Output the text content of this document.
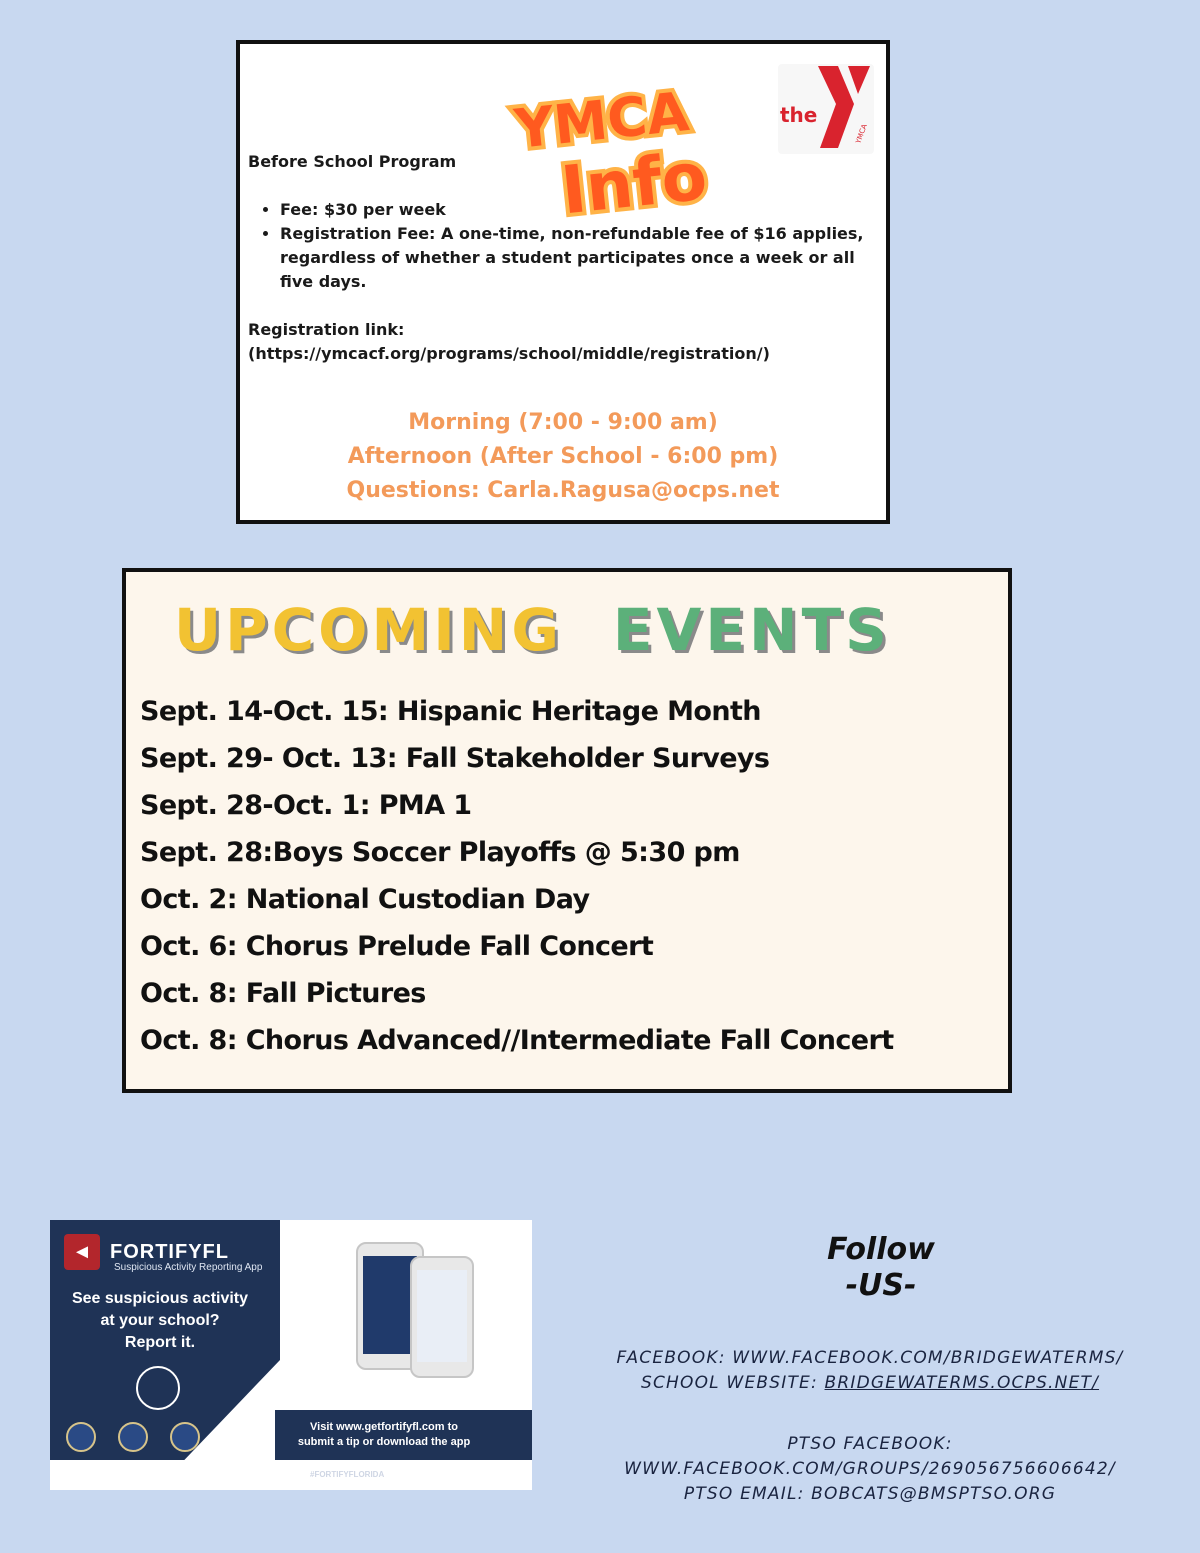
YMCA
Info
the
YMCA
Before School Program
• Fee: $30 per week
• Registration Fee: A one-time, non-refundable fee of $16 applies, regardless of whether a student participates once a week or all five days.
Registration link:
(https://ymcacf.org/programs/school/middle/registration/)
Morning (7:00 - 9:00 am)
Afternoon (After School - 6:00 pm)
Questions: Carla.Ragusa@ocps.net
UPCOMING EVENTS
Sept. 14-Oct. 15: Hispanic Heritage Month
Sept. 29- Oct. 13: Fall Stakeholder Surveys
Sept. 28-Oct. 1: PMA 1
Sept. 28:Boys Soccer Playoffs @ 5:30 pm
Oct. 2: National Custodian Day
Oct. 6: Chorus Prelude Fall Concert
Oct. 8: Fall Pictures
Oct. 8: Chorus Advanced//Intermediate Fall Concert
◄ FORTIFYFL
Suspicious Activity Reporting App
See suspicious activity
at your school?
Report it.
Visit www.getfortifyfl.com to
submit a tip or download the app
#FORTIFYFLORIDA
Follow
-US-
FACEBOOK: WWW.FACEBOOK.COM/BRIDGEWATERMS/
SCHOOL WEBSITE: BRIDGEWATERMS.OCPS.NET/
PTSO FACEBOOK:
WWW.FACEBOOK.COM/GROUPS/269056756606642/
PTSO EMAIL: BOBCATS@BMSPTSO.ORG
